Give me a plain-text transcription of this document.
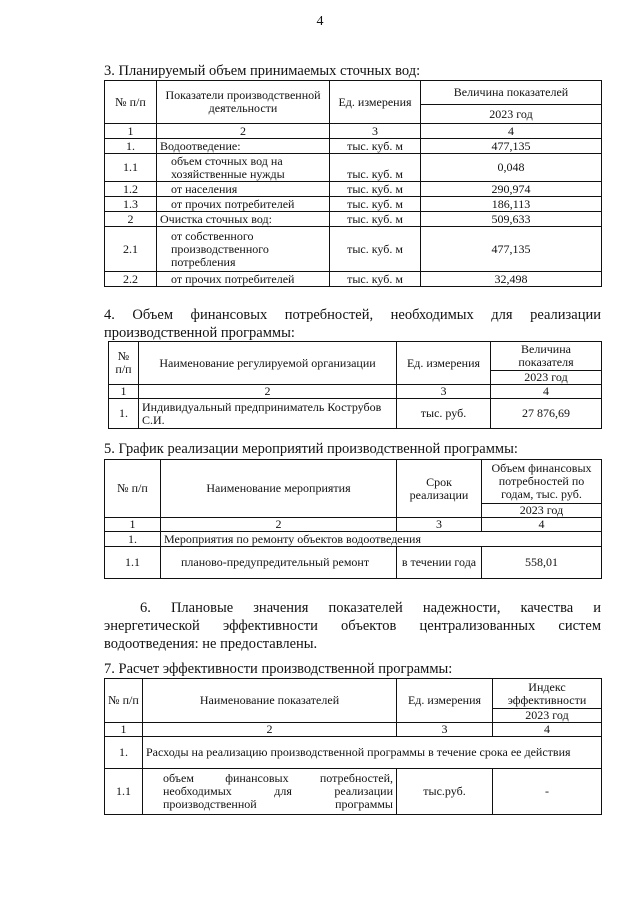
4
3. Планируемый объем принимаемых сточных вод:
№ п/п	Показатели производственной деятельности	Ед. измерения	Величина показателей
			2023 год
1	2	3	4
1.	Водоотведение:	тыс. куб. м	477,135
1.1	объем сточных вод на хозяйственные нужды	тыс. куб. м	0,048
1.2	от населения	тыс. куб. м	290,974
1.3	от прочих потребителей	тыс. куб. м	186,113
2	Очистка сточных вод:	тыс. куб. м	509,633
2.1	от собственного производственного потребления	тыс. куб. м	477,135
2.2	от прочих потребителей	тыс. куб. м	32,498
4. Объем финансовых потребностей, необходимых для реализации производственной программы:
№ п/п	Наименование регулируемой организации	Ед. измерения	Величина показателя
			2023 год
1	2	3	4
1.	Индивидуальный предприниматель Кострубов С.И.	тыс. руб.	27 876,69
5. График реализации мероприятий производственной программы:
№ п/п	Наименование мероприятия	Срок реализации	Объем финансовых потребностей по годам, тыс. руб.
			2023 год
1	2	3	4
1.	Мероприятия по ремонту объектов водоотведения		
1.1	планово-предупредительный ремонт	в течении года	558,01
6. Плановые значения показателей надежности, качества и энергетической эффективности объектов централизованных систем водоотведения: не предоставлены.
7. Расчет эффективности производственной программы:
№ п/п	Наименование показателей	Ед. измерения	Индекс эффективности
			2023 год
1	2	3	4
1.	Расходы на реализацию производственной программы в течение срока ее действия		
1.1	объем финансовых потребностей, необходимых для реализации производственной программы	тыс.руб.	-
